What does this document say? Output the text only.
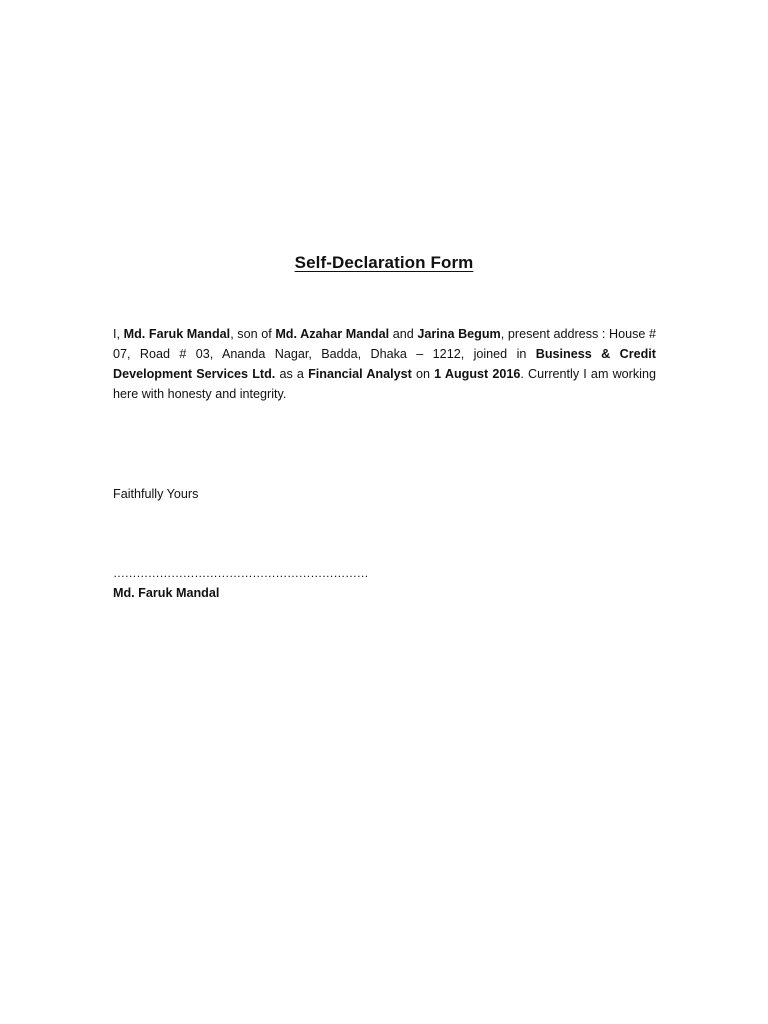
Self-Declaration Form
I, Md. Faruk Mandal, son of Md. Azahar Mandal and Jarina Begum, present address : House # 07, Road # 03, Ananda Nagar, Badda, Dhaka – 1212, joined in Business & Credit Development Services Ltd. as a Financial Analyst on 1 August 2016. Currently I am working here with honesty and integrity.
Faithfully Yours
…………………………………………………………
Md. Faruk Mandal
